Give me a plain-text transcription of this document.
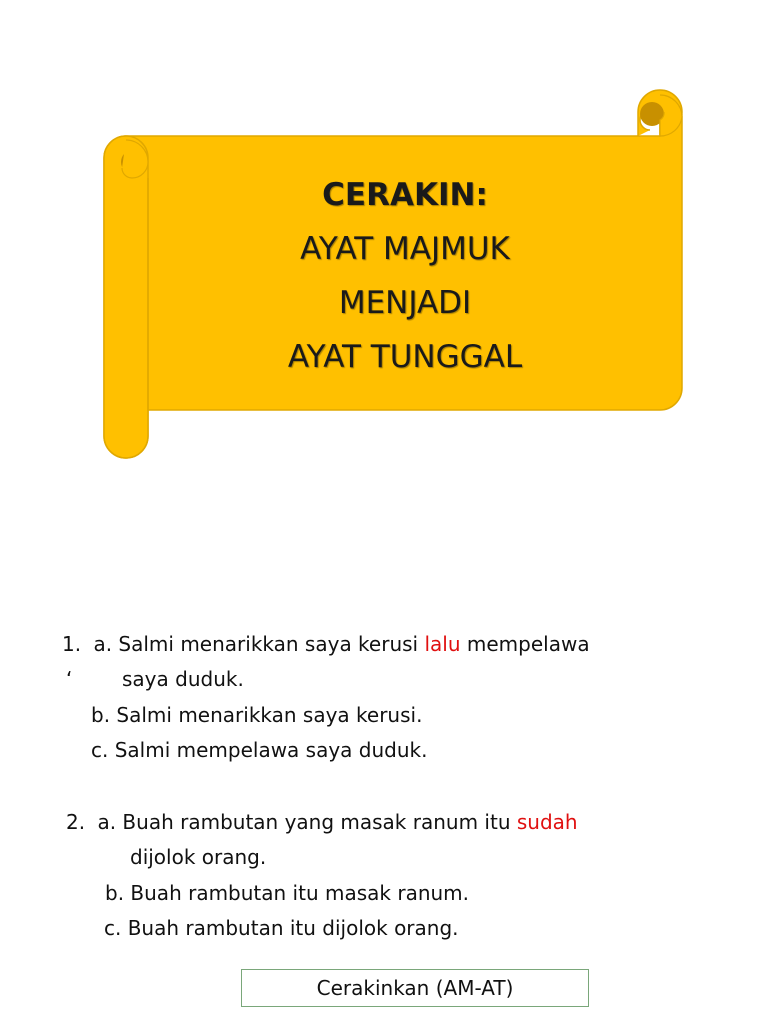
CERAKIN:
AYAT MAJMUK
MENJADI
AYAT TUNGGAL
1. a. Salmi menarikkan saya kerusi lalu mempelawa
‘ saya duduk.
b. Salmi menarikkan saya kerusi.
c. Salmi mempelawa saya duduk.
2. a. Buah rambutan yang masak ranum itu sudah
dijolok orang.
b. Buah rambutan itu masak ranum.
c. Buah rambutan itu dijolok orang.
Cerakinkan (AM-AT)
